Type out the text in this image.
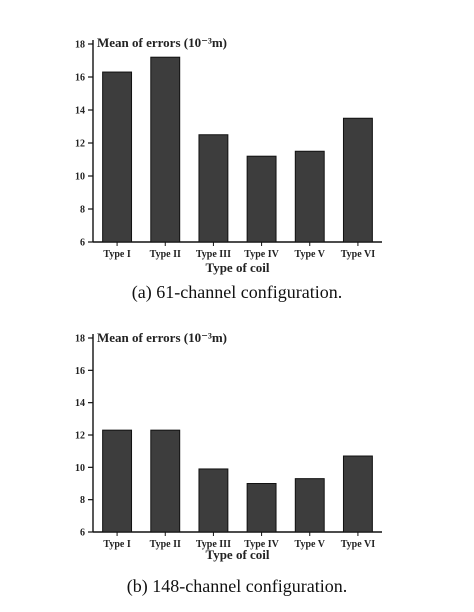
6
8
10
12
14
16
18 Mean of errors (10⁻³m)
Type I Type II Type III Type IV Type V Type VI
Type of coil
(a) 61-channel configuration.
6
8
10
12
14
16
18 Mean of errors (10⁻³m)
Type I Type II Type III Type IV Type V Type VI
Type of coil
(b) 148-channel configuration.
